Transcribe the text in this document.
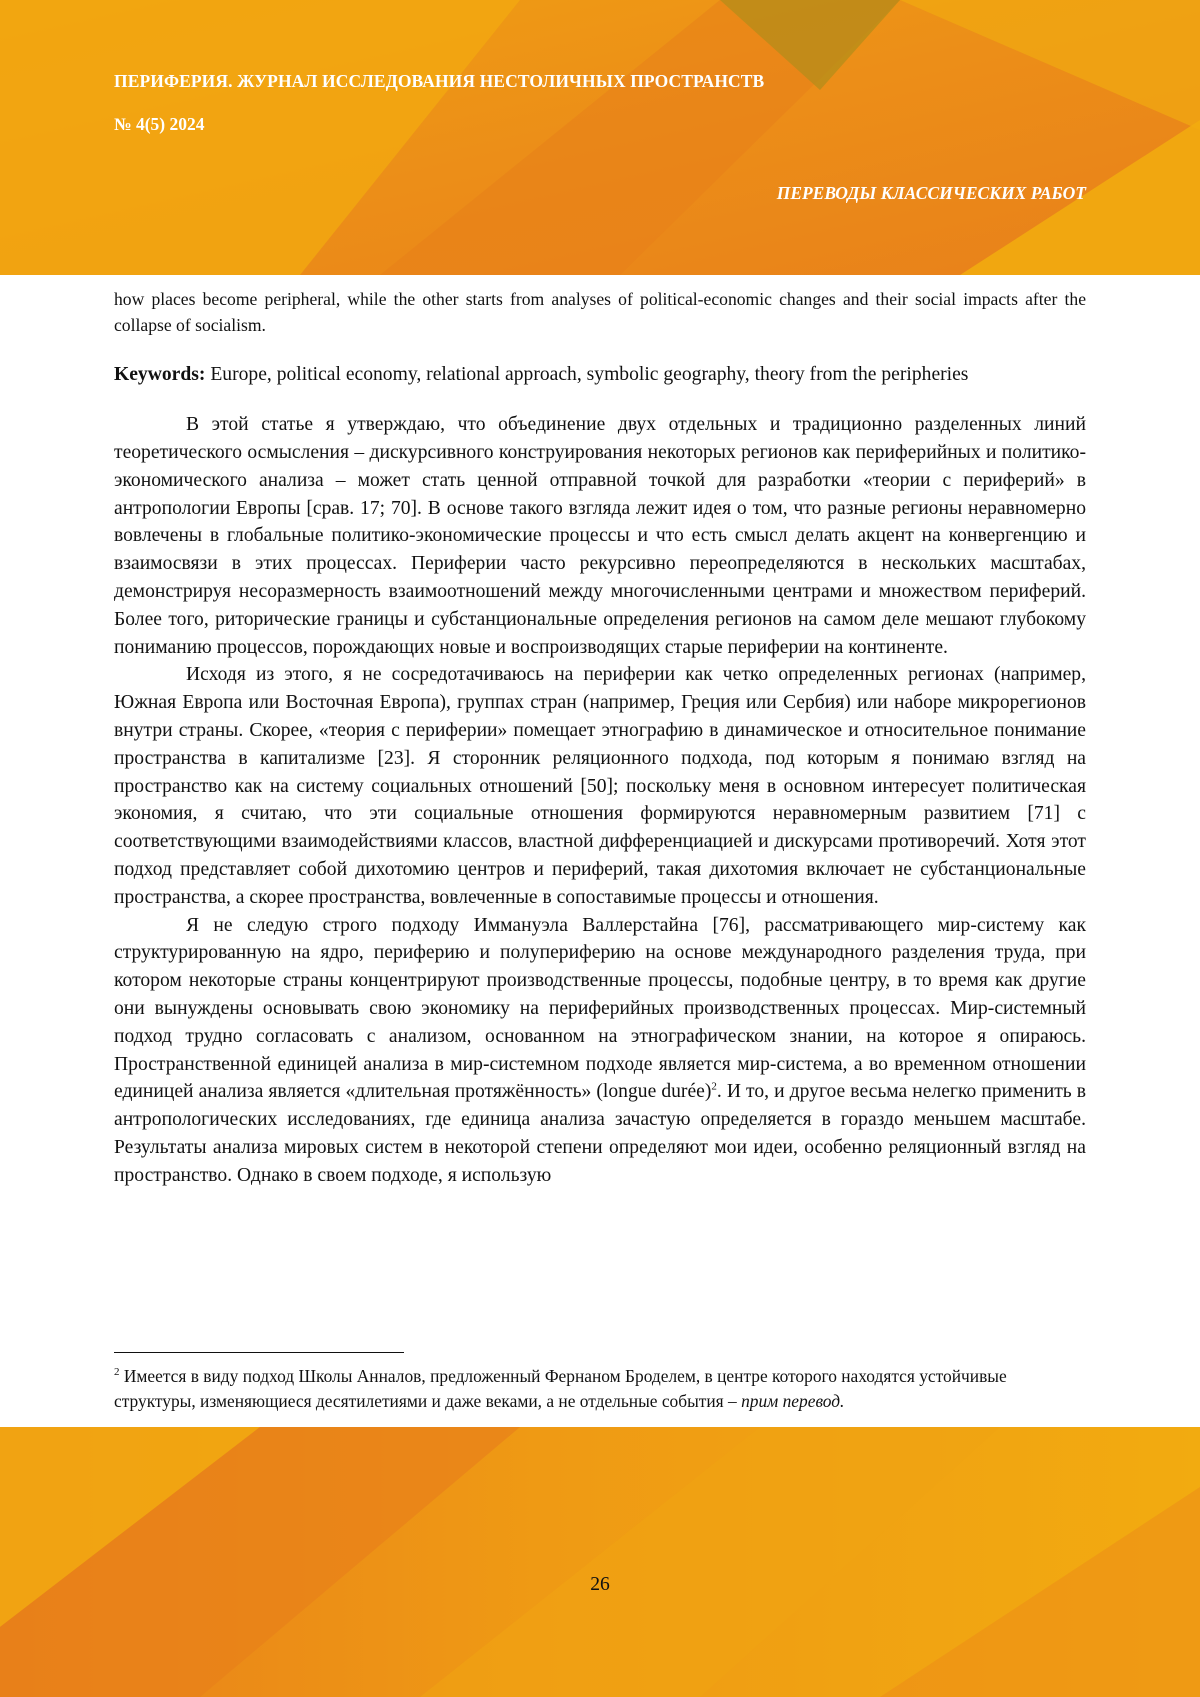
ПЕРИФЕРИЯ. ЖУРНАЛ ИССЛЕДОВАНИЯ НЕСТОЛИЧНЫХ ПРОСТРАНСТВ
№ 4(5) 2024
ПЕРЕВОДЫ КЛАССИЧЕСКИХ РАБОТ

how places become peripheral, while the other starts from analyses of political-economic changes and their social impacts after the collapse of socialism.

Keywords: Europe, political economy, relational approach, symbolic geography, theory from the peripheries

В этой статье я утверждаю, что объединение двух отдельных и традиционно разделенных линий теоретического осмысления – дискурсивного конструирования некоторых регионов как периферийных и политико-экономического анализа – может стать ценной отправной точкой для разработки «теории с периферий» в антропологии Европы [срав. 17; 70]. В основе такого взгляда лежит идея о том, что разные регионы неравномерно вовлечены в глобальные политико-экономические процессы и что есть смысл делать акцент на конвергенцию и взаимосвязи в этих процессах. Периферии часто рекурсивно переопределяются в нескольких масштабах, демонстрируя несоразмерность взаимоотношений между многочисленными центрами и множеством периферий. Более того, риторические границы и субстанциональные определения регионов на самом деле мешают глубокому пониманию процессов, порождающих новые и воспроизводящих старые периферии на континенте.

Исходя из этого, я не сосредотачиваюсь на периферии как четко определенных регионах (например, Южная Европа или Восточная Европа), группах стран (например, Греция или Сербия) или наборе микрорегионов внутри страны. Скорее, «теория с периферии» помещает этнографию в динамическое и относительное понимание пространства в капитализме [23]. Я сторонник реляционного подхода, под которым я понимаю взгляд на пространство как на систему социальных отношений [50]; поскольку меня в основном интересует политическая экономия, я считаю, что эти социальные отношения формируются неравномерным развитием [71] с соответствующими взаимодействиями классов, властной дифференциацией и дискурсами противоречий. Хотя этот подход представляет собой дихотомию центров и периферий, такая дихотомия включает не субстанциональные пространства, а скорее пространства, вовлеченные в сопоставимые процессы и отношения.

Я не следую строго подходу Иммануэла Валлерстайна [76], рассматривающего мир-систему как структурированную на ядро, периферию и полупериферию на основе международного разделения труда, при котором некоторые страны концентрируют производственные процессы, подобные центру, в то время как другие они вынуждены основывать свою экономику на периферийных производственных процессах. Мир-системный подход трудно согласовать с анализом, основанном на этнографическом знании, на которое я опираюсь. Пространственной единицей анализа в мир-системном подходе является мир-система, а во временном отношении единицей анализа является «длительная протяжённость» (longue durée)$^2$. И то, и другое весьма нелегко применить в антропологических исследованиях, где единица анализа зачастую определяется в гораздо меньшем масштабе. Результаты анализа мировых систем в некоторой степени определяют мои идеи, особенно реляционный взгляд на пространство. Однако в своем подходе, я использую

$^2$ Имеется в виду подход Школы Анналов, предложенный Фернаном Броделем, в центре которого находятся устойчивые структуры, изменяющиеся десятилетиями и даже веками, а не отдельные события – прим перевод.
26
